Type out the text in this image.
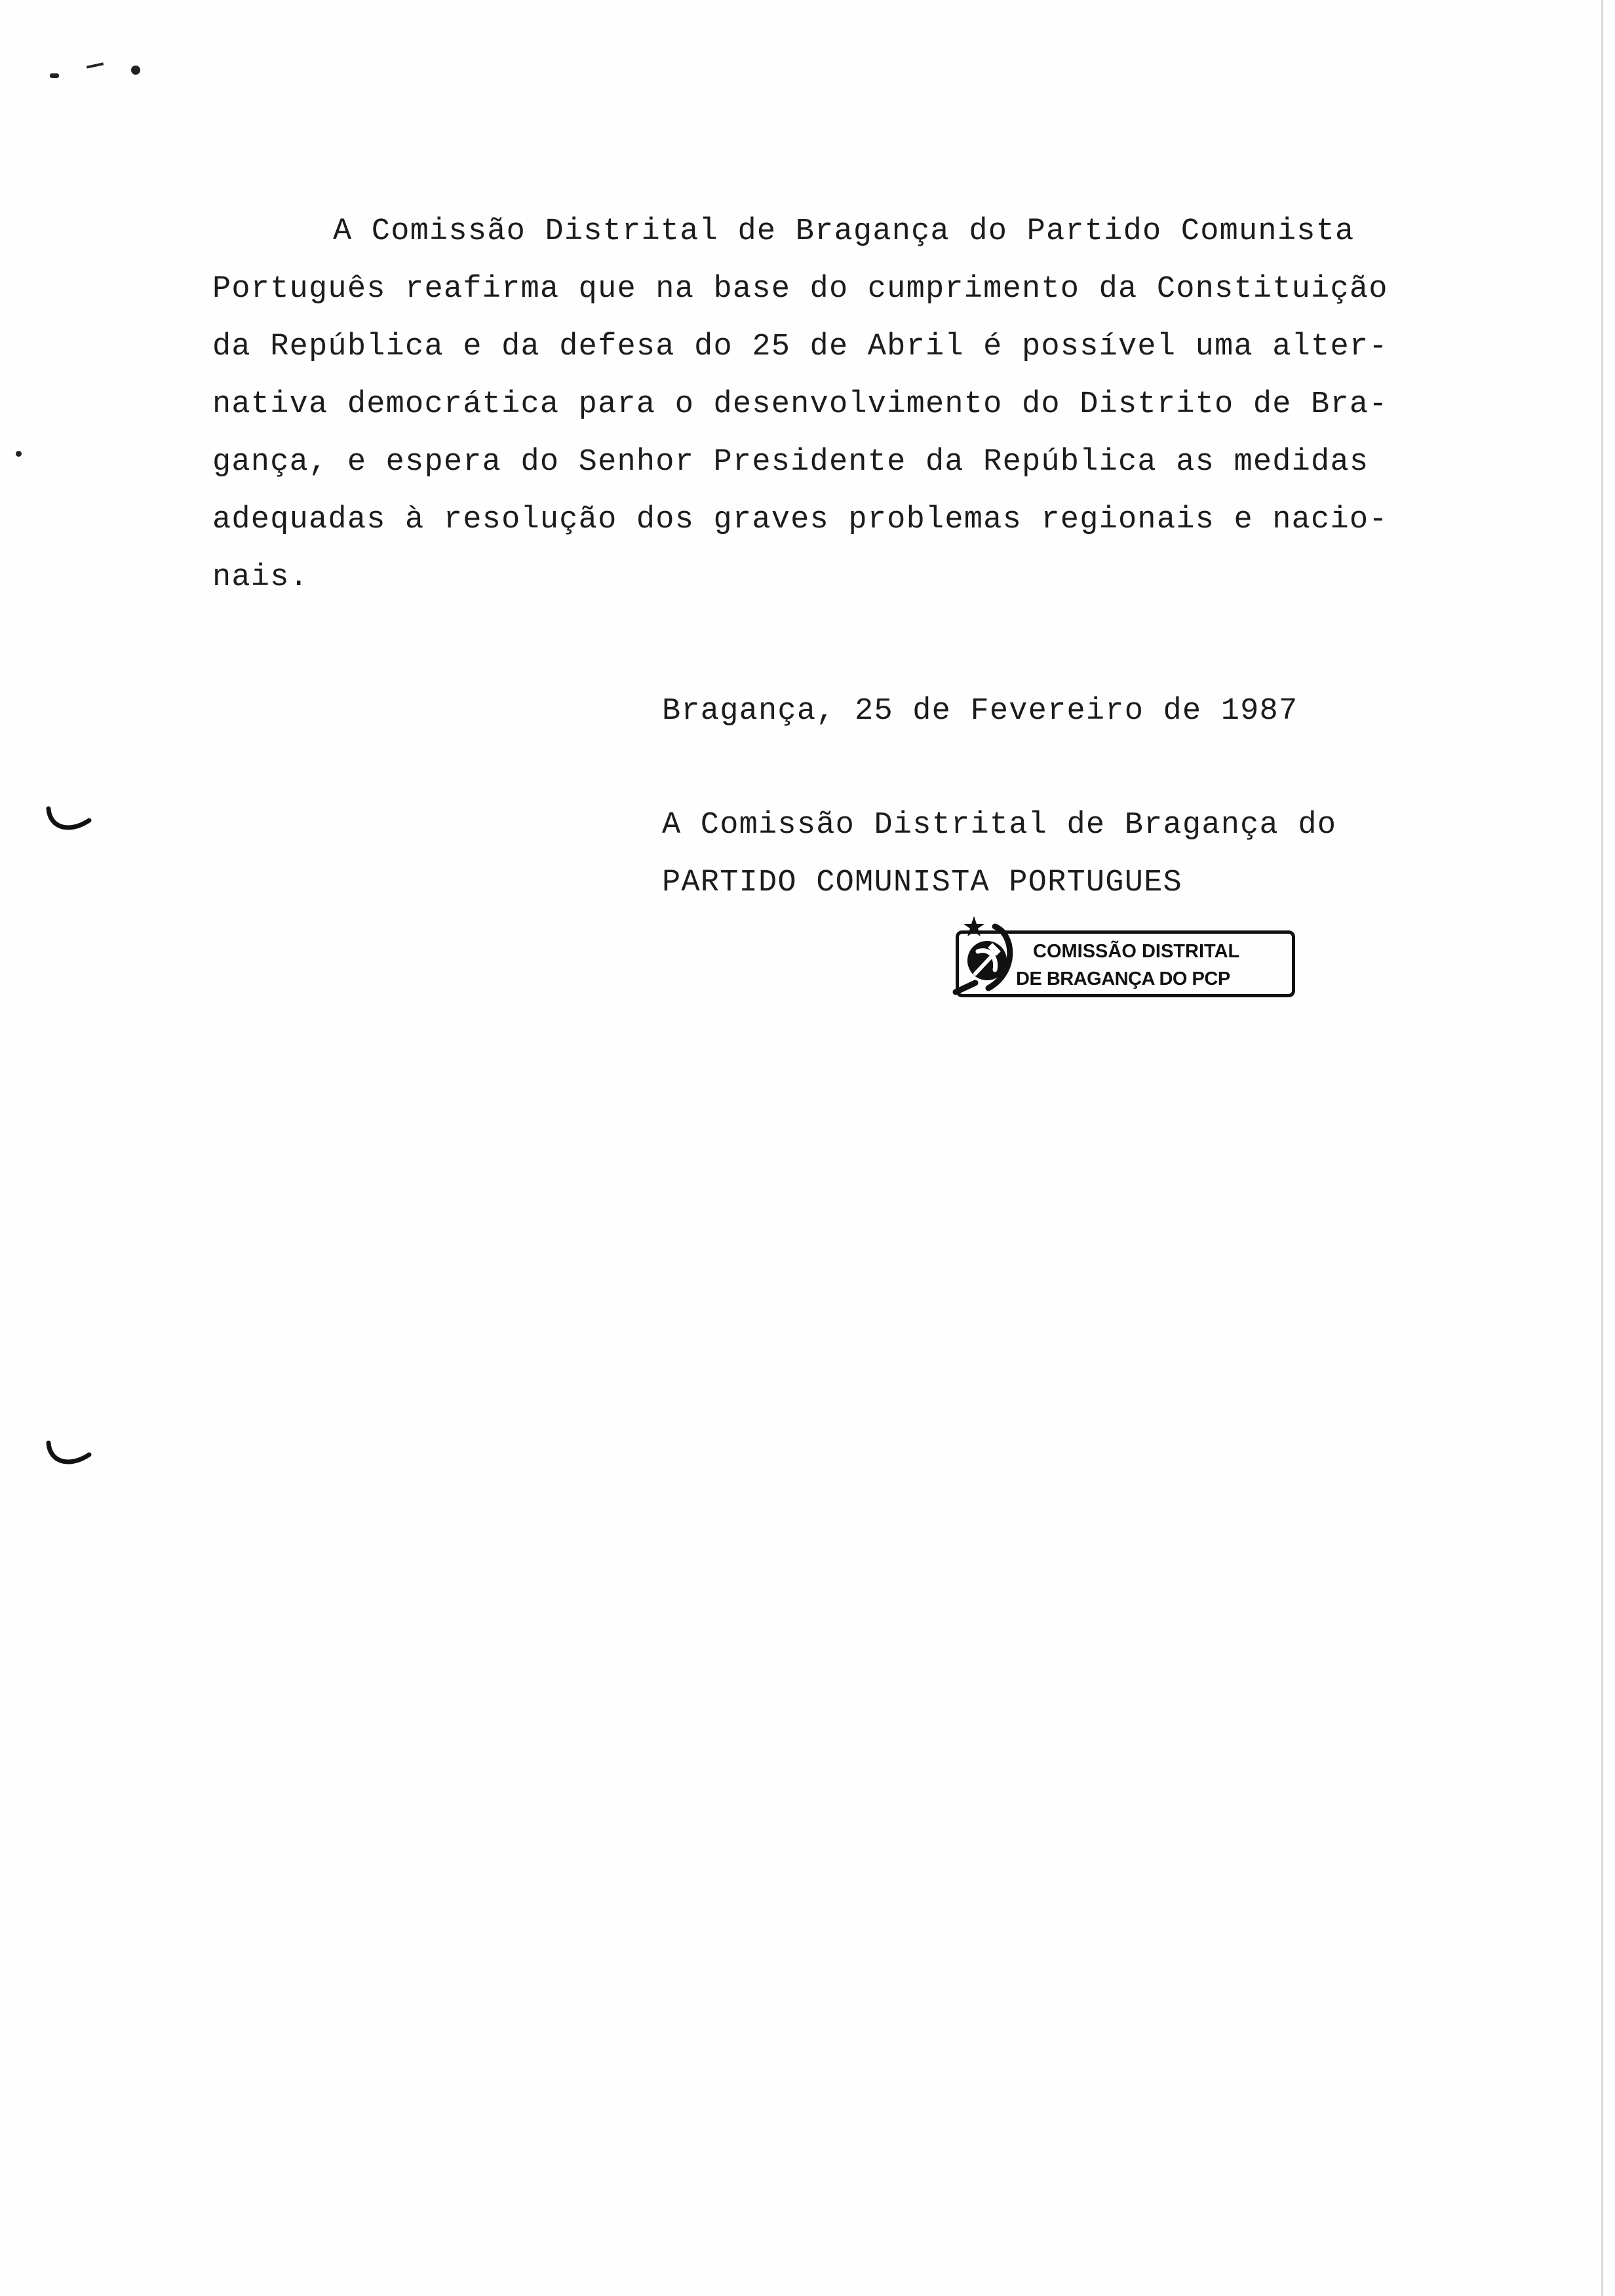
A Comissão Distrital de Bragança do Partido Comunista
Português reafirma que na base do cumprimento da Constituição
da República e da defesa do 25 de Abril é possível uma alter-
nativa democrática para o desenvolvimento do Distrito de Bra-
gança, e espera do Senhor Presidente da República as medidas
adequadas à resolução dos graves problemas regionais e nacio-
nais.
Bragança, 25 de Fevereiro de 1987
A Comissão Distrital de Bragança do
PARTIDO COMUNISTA PORTUGUES
COMISSÃO DISTRITAL
DE BRAGANÇA DO PCP
